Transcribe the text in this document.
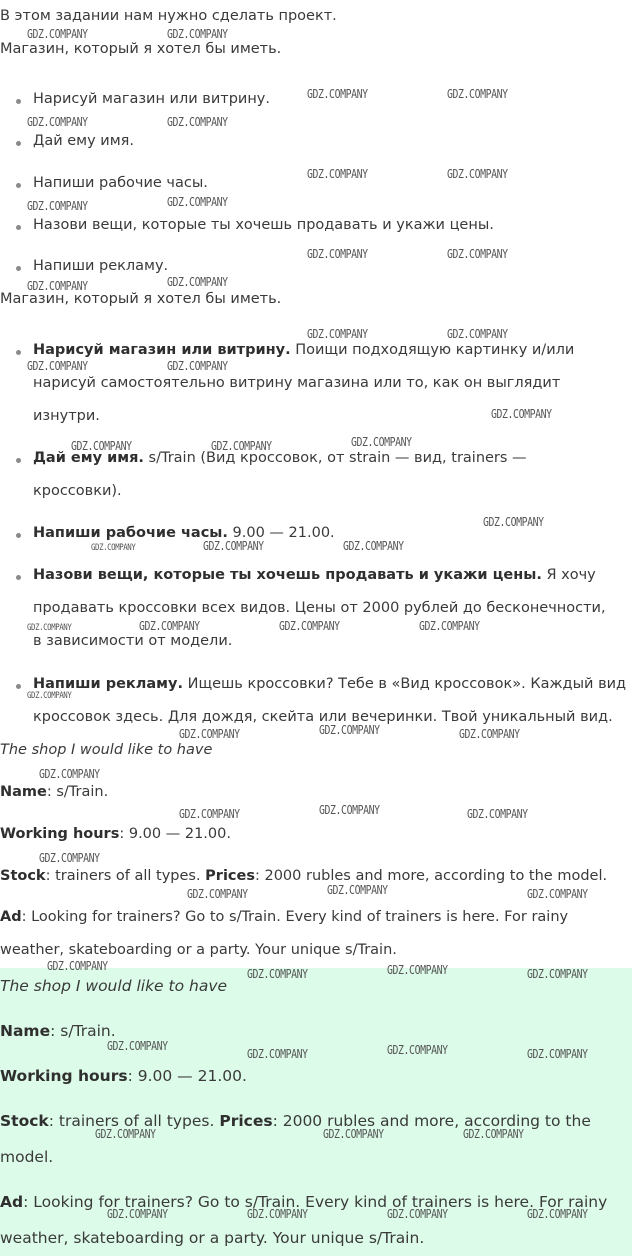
В этом задании нам нужно сделать проект.
Магазин, который я хотел бы иметь.
Нарисуй магазин или витрину.
Дай ему имя.
Напиши рабочие часы.
Назови вещи, которые ты хочешь продавать и укажи цены.
Напиши рекламу.
Магазин, который я хотел бы иметь.
Нарисуй магазин или витрину. Поищи подходящую картинку и/или
нарисуй самостоятельно витрину магазина или то, как он выглядит
изнутри.
Дай ему имя. s/Train (Вид кроссовок, от strain — вид, trainers —
кроссовки).
Напиши рабочие часы. 9.00 — 21.00.
Назови вещи, которые ты хочешь продавать и укажи цены. Я хочу
продавать кроссовки всех видов. Цены от 2000 рублей до бесконечности,
в зависимости от модели.
Напиши рекламу. Ищешь кроссовки? Тебе в «Вид кроссовок». Каждый вид
кроссовок здесь. Для дождя, скейта или вечеринки. Твой уникальный вид.
The shop I would like to have
Name: s/Train.
Working hours: 9.00 — 21.00.
Stock: trainers of all types. Prices: 2000 rubles and more, according to the model.
Ad: Looking for trainers? Go to s/Train. Every kind of trainers is here. For rainy
weather, skateboarding or a party. Your unique s/Train.
The shop I would like to have
Name: s/Train.
Working hours: 9.00 — 21.00.
Stock: trainers of all types. Prices: 2000 rubles and more, according to the
model.
Ad: Looking for trainers? Go to s/Train. Every kind of trainers is here. For rainy
weather, skateboarding or a party. Your unique s/Train.
GDZ.COMPANY	GDZ.COMPANY
GDZ.COMPANY	GDZ.COMPANY
GDZ.COMPANY	GDZ.COMPANY
GDZ.COMPANY	GDZ.COMPANY
GDZ.COMPANY	GDZ.COMPANY
GDZ.COMPANY	GDZ.COMPANY
GDZ.COMPANY	GDZ.COMPANY
GDZ.COMPANY	GDZ.COMPANY
GDZ.COMPANY	GDZ.COMPANY
GDZ.COMPANY
GDZ.COMPANY	GDZ.COMPANY	GDZ.COMPANY
GDZ.COMPANY
GDZ.COMPANY	GDZ.COMPANY	GDZ.COMPANY
GDZ.COMPANY	GDZ.COMPANY	GDZ.COMPANY	GDZ.COMPANY
GDZ.COMPANY
GDZ.COMPANY	GDZ.COMPANY	GDZ.COMPANY
GDZ.COMPANY
GDZ.COMPANY	GDZ.COMPANY	GDZ.COMPANY
GDZ.COMPANY
GDZ.COMPANY	GDZ.COMPANY	GDZ.COMPANY
GDZ.COMPANY
GDZ.COMPANY	GDZ.COMPANY	GDZ.COMPANY
GDZ.COMPANY
GDZ.COMPANY	GDZ.COMPANY	GDZ.COMPANY
GDZ.COMPANY	GDZ.COMPANY	GDZ.COMPANY
GDZ.COMPANY	GDZ.COMPANY	GDZ.COMPANY	GDZ.COMPANY
